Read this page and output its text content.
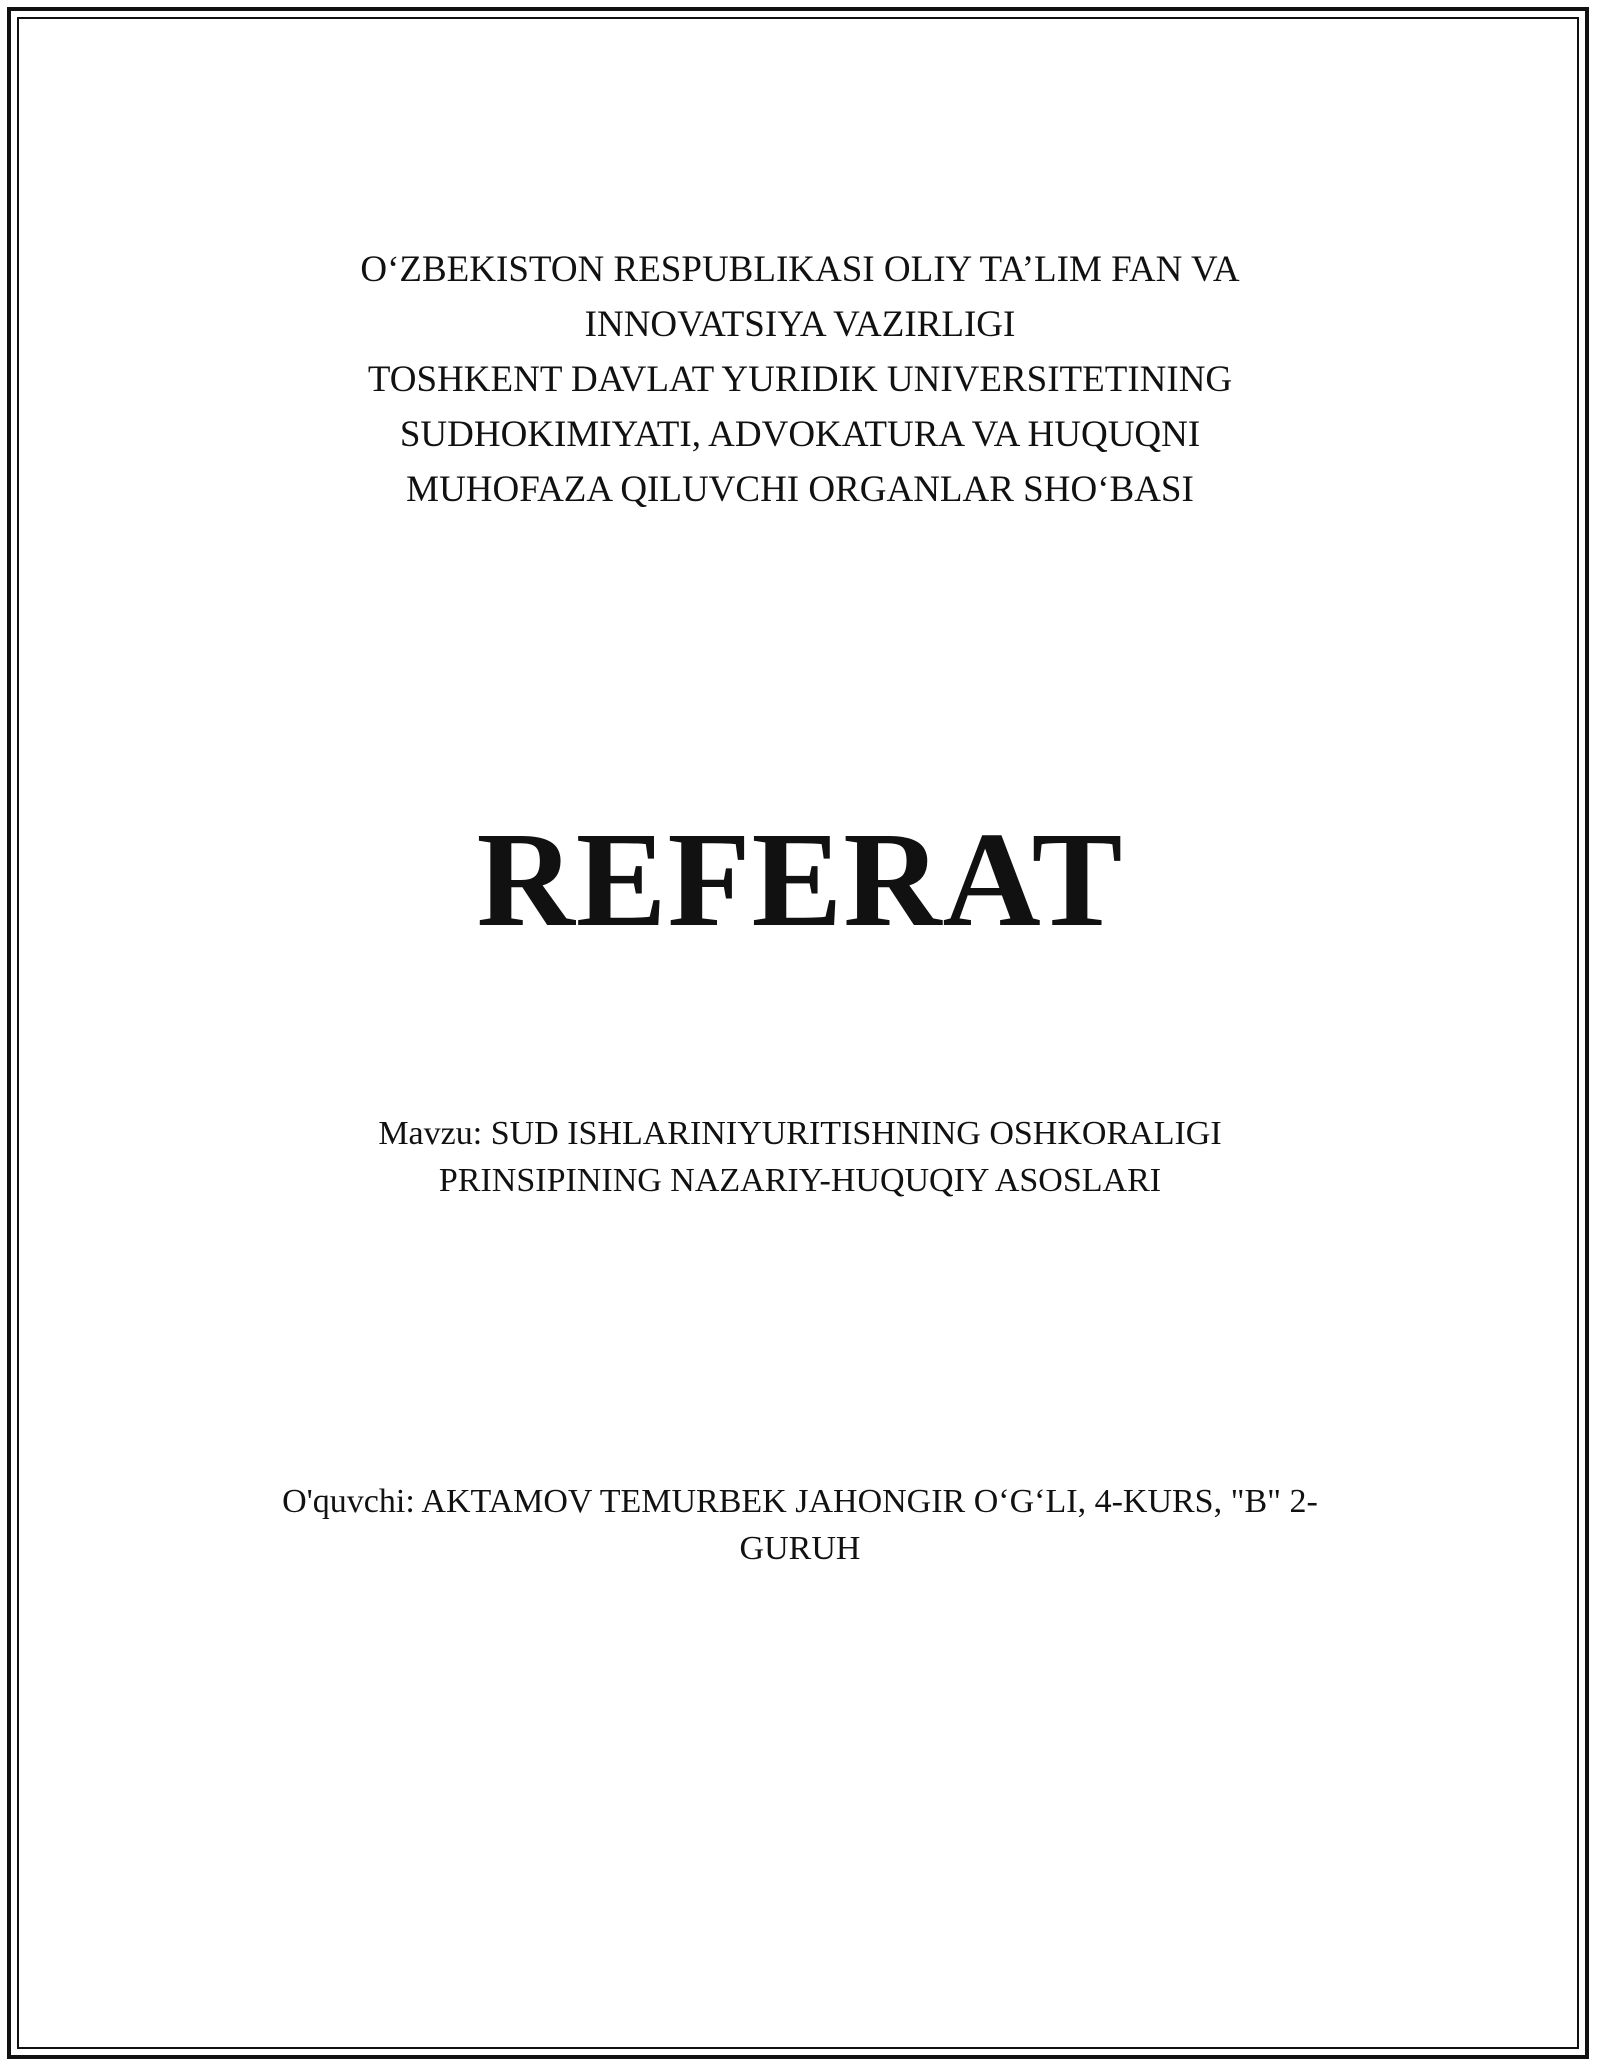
O‘ZBEKISTON RESPUBLIKASI OLIY TA’LIM FAN VA
INNOVATSIYA VAZIRLIGI
TOSHKENT DAVLAT YURIDIK UNIVERSITETINING
SUDHOKIMIYATI, ADVOKATURA VA HUQUQNI
MUHOFAZA QILUVCHI ORGANLAR SHO‘BASI
REFERAT
Mavzu: SUD ISHLARINIYURITISHNING OSHKORALIGI
PRINSIPINING NAZARIY-HUQUQIY ASOSLARI
O'quvchi: AKTAMOV TEMURBEK JAHONGIR O‘G‘LI, 4-KURS, "B" 2-
GURUH
